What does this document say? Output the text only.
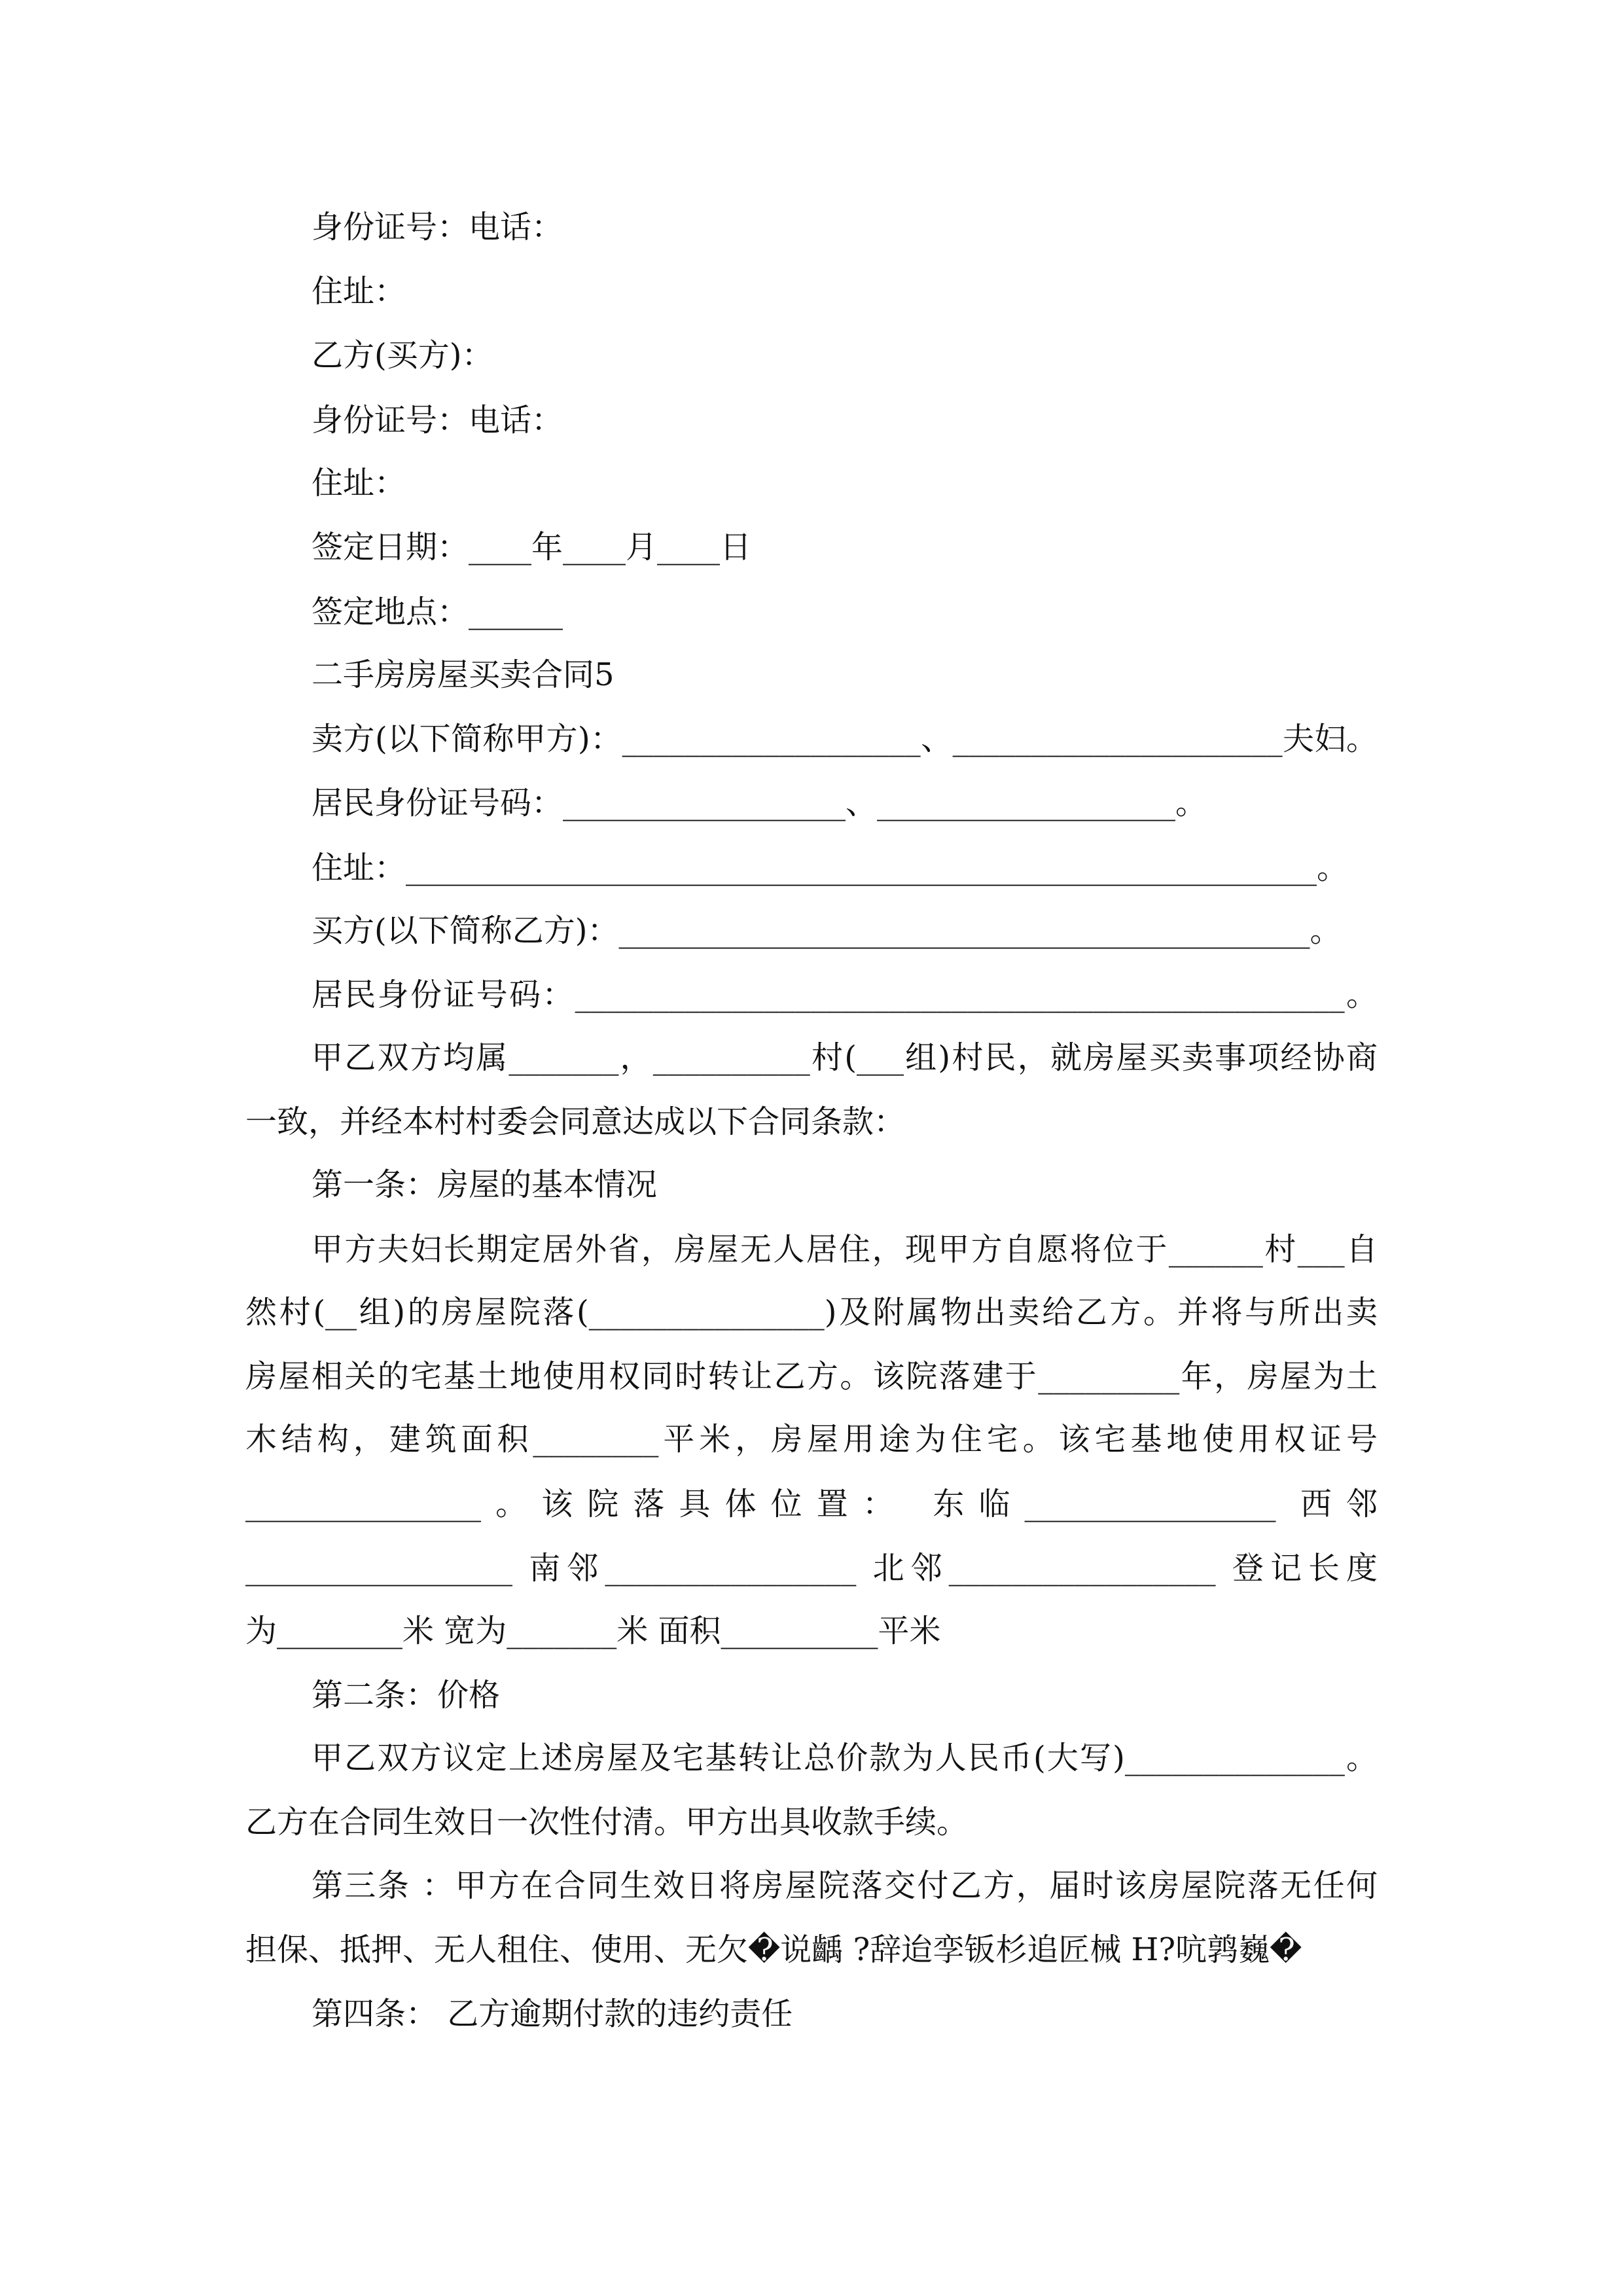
身份证号：电话：
住址：
乙方(买方)：
身份证号：电话：
住址：
签定日期：____年____月____日
签定地点：______
二手房房屋买卖合同5
卖方(以下简称甲方)：___________________、_____________________夫妇。
居民身份证号码：__________________、___________________。
住址：__________________________________________________________。
买方(以下简称乙方)：____________________________________________。
居民身份证号码：_________________________________________________。
甲乙双方均属_______，__________村(___组)村民，就房屋买卖事项经协商
一致，并经本村村委会同意达成以下合同条款：
第一条：房屋的基本情况
甲方夫妇长期定居外省，房屋无人居住，现甲方自愿将位于______村___自
然村(__组)的房屋院落(_______________)及附属物出卖给乙方。并将与所出卖
房屋相关的宅基土地使用权同时转让乙方。该院落建于_________年，房屋为土
木结构，建筑面积________平米，房屋用途为住宅。该宅基地使用权证号
_______________。该院落具体位置： 东临________________ 西邻
_________________ 南邻________________ 北邻_________________ 登记长度
为________米 宽为_______米 面积__________平米
第二条：价格
甲乙双方议定上述房屋及宅基转让总价款为人民币(大写)______________。
乙方在合同生效日一次性付清。甲方出具收款手续。
第三条 ：甲方在合同生效日将房屋院落交付乙方，届时该房屋院落无任何
担保、抵押、无人租住、使用、无欠�说齲 ?辞迨孪钣杉追匠械 H?吭鹑巍�
第四条： 乙方逾期付款的违约责任
